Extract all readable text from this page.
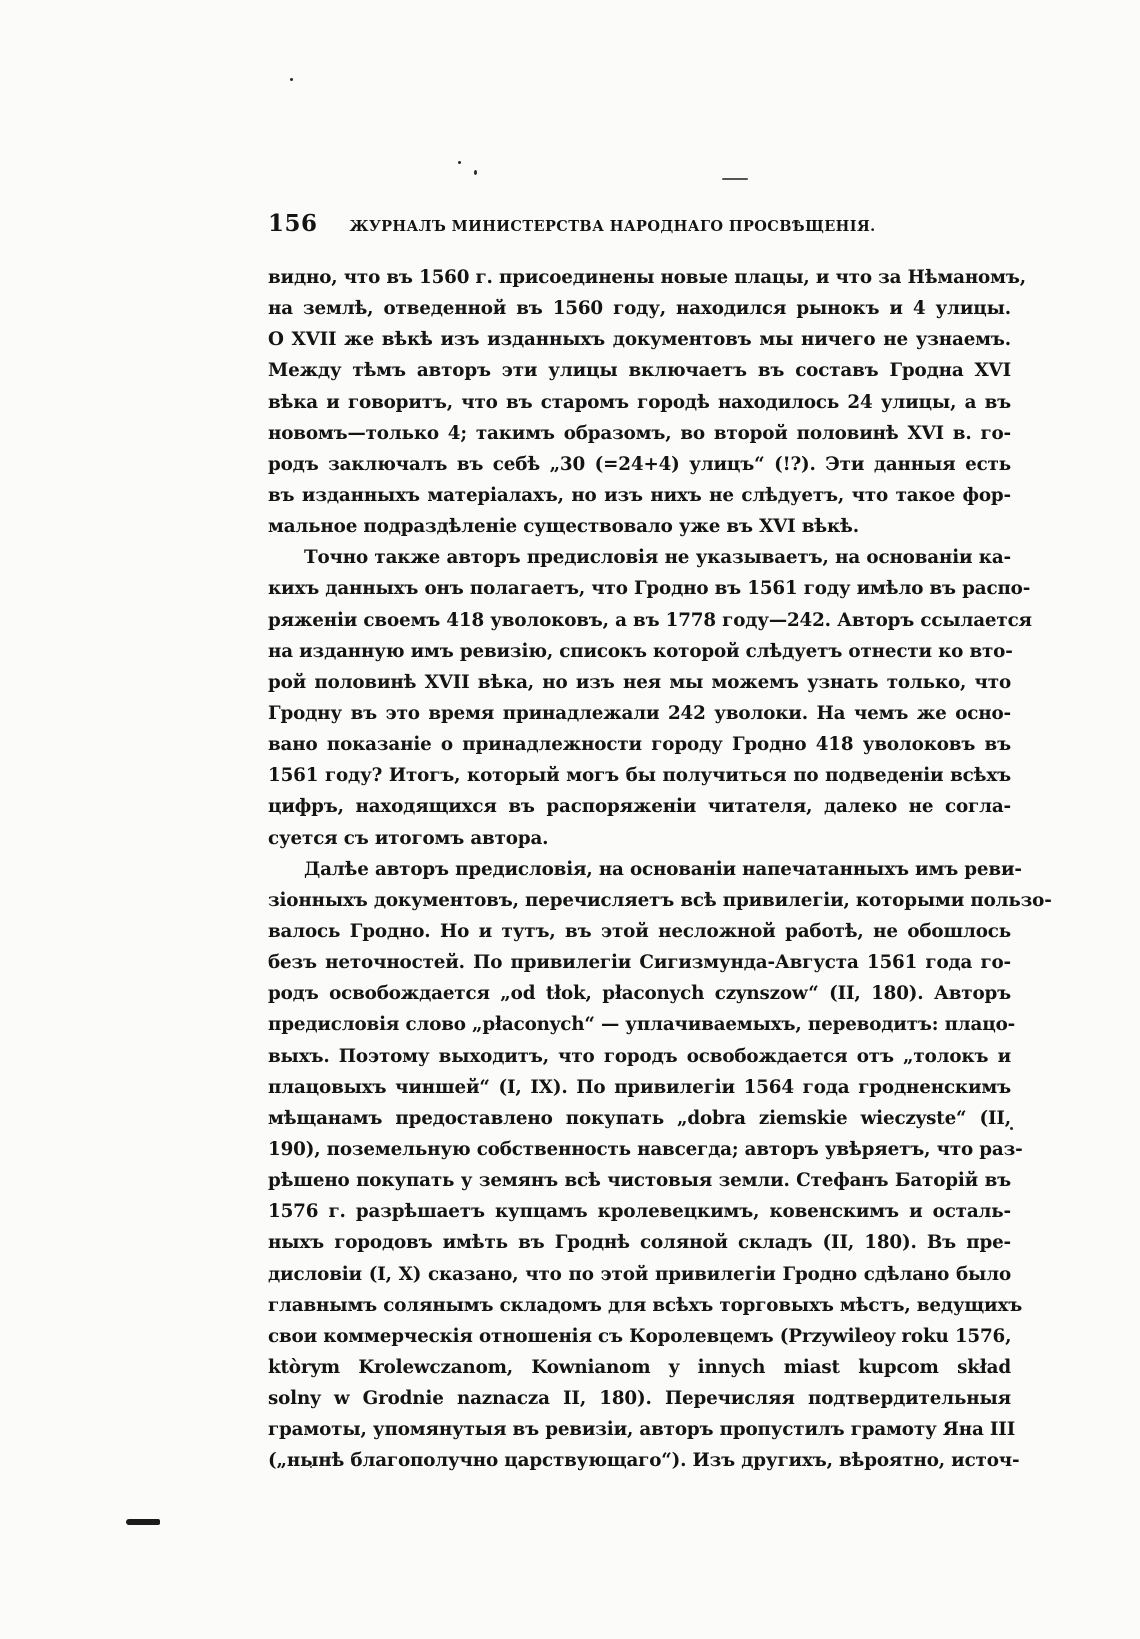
156 ЖУРНАЛЪ МИНИСТЕРСТВА НАРОДНАГО ПРОСВѢЩЕНІЯ.
видно, что въ 1560 г. присоединены новые плацы, и что за Нѣманомъ,
на землѣ, отведенной въ 1560 году, находился рынокъ и 4 улицы.
О XVII же вѣкѣ изъ изданныхъ документовъ мы ничего не узнаемъ.
Между тѣмъ авторъ эти улицы включаетъ въ составъ Гродна XVI
вѣка и говоритъ, что въ старомъ городѣ находилось 24 улицы, а въ
новомъ—только 4; такимъ образомъ, во второй половинѣ XVI в. го-
родъ заключалъ въ себѣ „30 (=24+4) улицъ“ (!?). Эти данныя есть
въ изданныхъ матеріалахъ, но изъ нихъ не слѣдуетъ, что такое фор-
мальное подраздѣленіе существовало уже въ XVI вѣкѣ.
Точно также авторъ предисловія не указываетъ, на основаніи ка-
кихъ данныхъ онъ полагаетъ, что Гродно въ 1561 году имѣло въ распо-
ряженіи своемъ 418 уволоковъ, а въ 1778 году—242. Авторъ ссылается
на изданную имъ ревизію, списокъ которой слѣдуетъ отнести ко вто-
рой половинѣ XVII вѣка, но изъ нея мы можемъ узнать только, что
Гродну въ это время принадлежали 242 уволоки. На чемъ же осно-
вано показаніе о принадлежности городу Гродно 418 уволоковъ въ
1561 году? Итогъ, который могъ бы получиться по подведеніи всѣхъ
цифръ, находящихся въ распоряженіи читателя, далеко не согла-
суется съ итогомъ автора.
Далѣе авторъ предисловія, на основаніи напечатанныхъ имъ реви-
зіонныхъ документовъ, перечисляетъ всѣ привилегіи, которыми пользо-
валось Гродно. Но и тутъ, въ этой несложной работѣ, не обошлось
безъ неточностей. По привилегіи Сигизмунда-Августа 1561 года го-
родъ освобождается „od tłok, płaconych czynszow“ (II, 180). Авторъ
предисловія слово „płaconych“ — уплачиваемыхъ, переводитъ: плацо-
выхъ. Поэтому выходитъ, что городъ освобождается отъ „толокъ и
плацовыхъ чиншей“ (I, IX). По привилегіи 1564 года гродненскимъ
мѣщанамъ предоставлено покупать „dobra ziemskie wieczyste“ (II,
190), поземельную собственность навсегда; авторъ увѣряетъ, что раз-
рѣшено покупать у земянъ всѣ чистовыя земли. Стефанъ Баторій въ
1576 г. разрѣшаетъ купцамъ кролевецкимъ, ковенскимъ и осталь-
ныхъ городовъ имѣть въ Гроднѣ соляной складъ (II, 180). Въ пре-
дисловіи (I, X) сказано, что по этой привилегіи Гродно сдѣлано было
главнымъ солянымъ складомъ для всѣхъ торговыхъ мѣстъ, ведущихъ
свои коммерческія отношенія съ Королевцемъ (Przywileoy roku 1576,
ktòrym Krolewczanom, Kownianom y innych miast kupcom skład
solny w Grodnie naznacza II, 180). Перечисляя подтвердительныя
грамоты, упомянутыя въ ревизіи, авторъ пропустилъ грамоту Яна III
(„нынѣ благополучно царствующаго“). Изъ другихъ, вѣроятно, источ-
